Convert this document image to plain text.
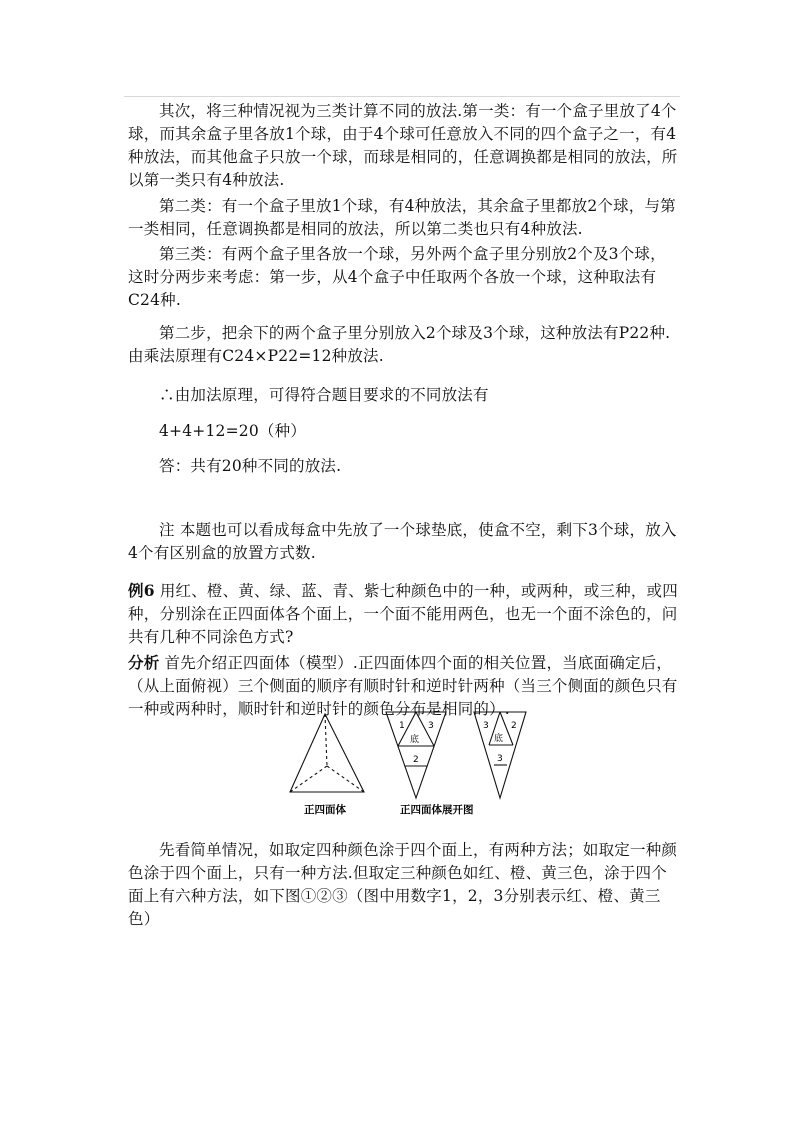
其次，将三种情况视为三类计算不同的放法.第一类：有一个盒子里放了4个球，而其余盒子里各放1个球，由于4个球可任意放入不同的四个盒子之一，有4种放法，而其他盒子只放一个球，而球是相同的，任意调换都是相同的放法，所以第一类只有4种放法.

第二类：有一个盒子里放1个球，有4种放法，其余盒子里都放2个球，与第一类相同，任意调换都是相同的放法，所以第二类也只有4种放法.

第三类：有两个盒子里各放一个球，另外两个盒子里分别放2个及3个球，这时分两步来考虑：第一步，从4个盒子中任取两个各放一个球，这种取法有C24种.

第二步，把余下的两个盒子里分别放入2个球及3个球，这种放法有P22种.由乘法原理有C24×P22=12种放法.

∴由加法原理，可得符合题目要求的不同放法有

4+4+12=20（种）

答：共有20种不同的放法.

注 本题也可以看成每盒中先放了一个球垫底，使盒不空，剩下3个球，放入4个有区别盒的放置方式数.

例6 用红、橙、黄、绿、蓝、青、紫七种颜色中的一种，或两种，或三种，或四种，分别涂在正四面体各个面上，一个面不能用两色，也无一个面不涂色的，问共有几种不同涂色方式?

分析 首先介绍正四面体（模型）.正四面体四个面的相关位置，当底面确定后，（从上面俯视）三个侧面的顺序有顺时针和逆时针两种（当三个侧面的颜色只有一种或两种时，顺时针和逆时针的颜色分布是相同的）.

正四面体
1	3
底
2
3 2
底
3
正四面体展开图

先看简单情况，如取定四种颜色涂于四个面上，有两种方法；如取定一种颜色涂于四个面上，只有一种方法.但取定三种颜色如红、橙、黄三色，涂于四个面上有六种方法，如下图①②③（图中用数字1，2，3分别表示红、橙、黄三色）
